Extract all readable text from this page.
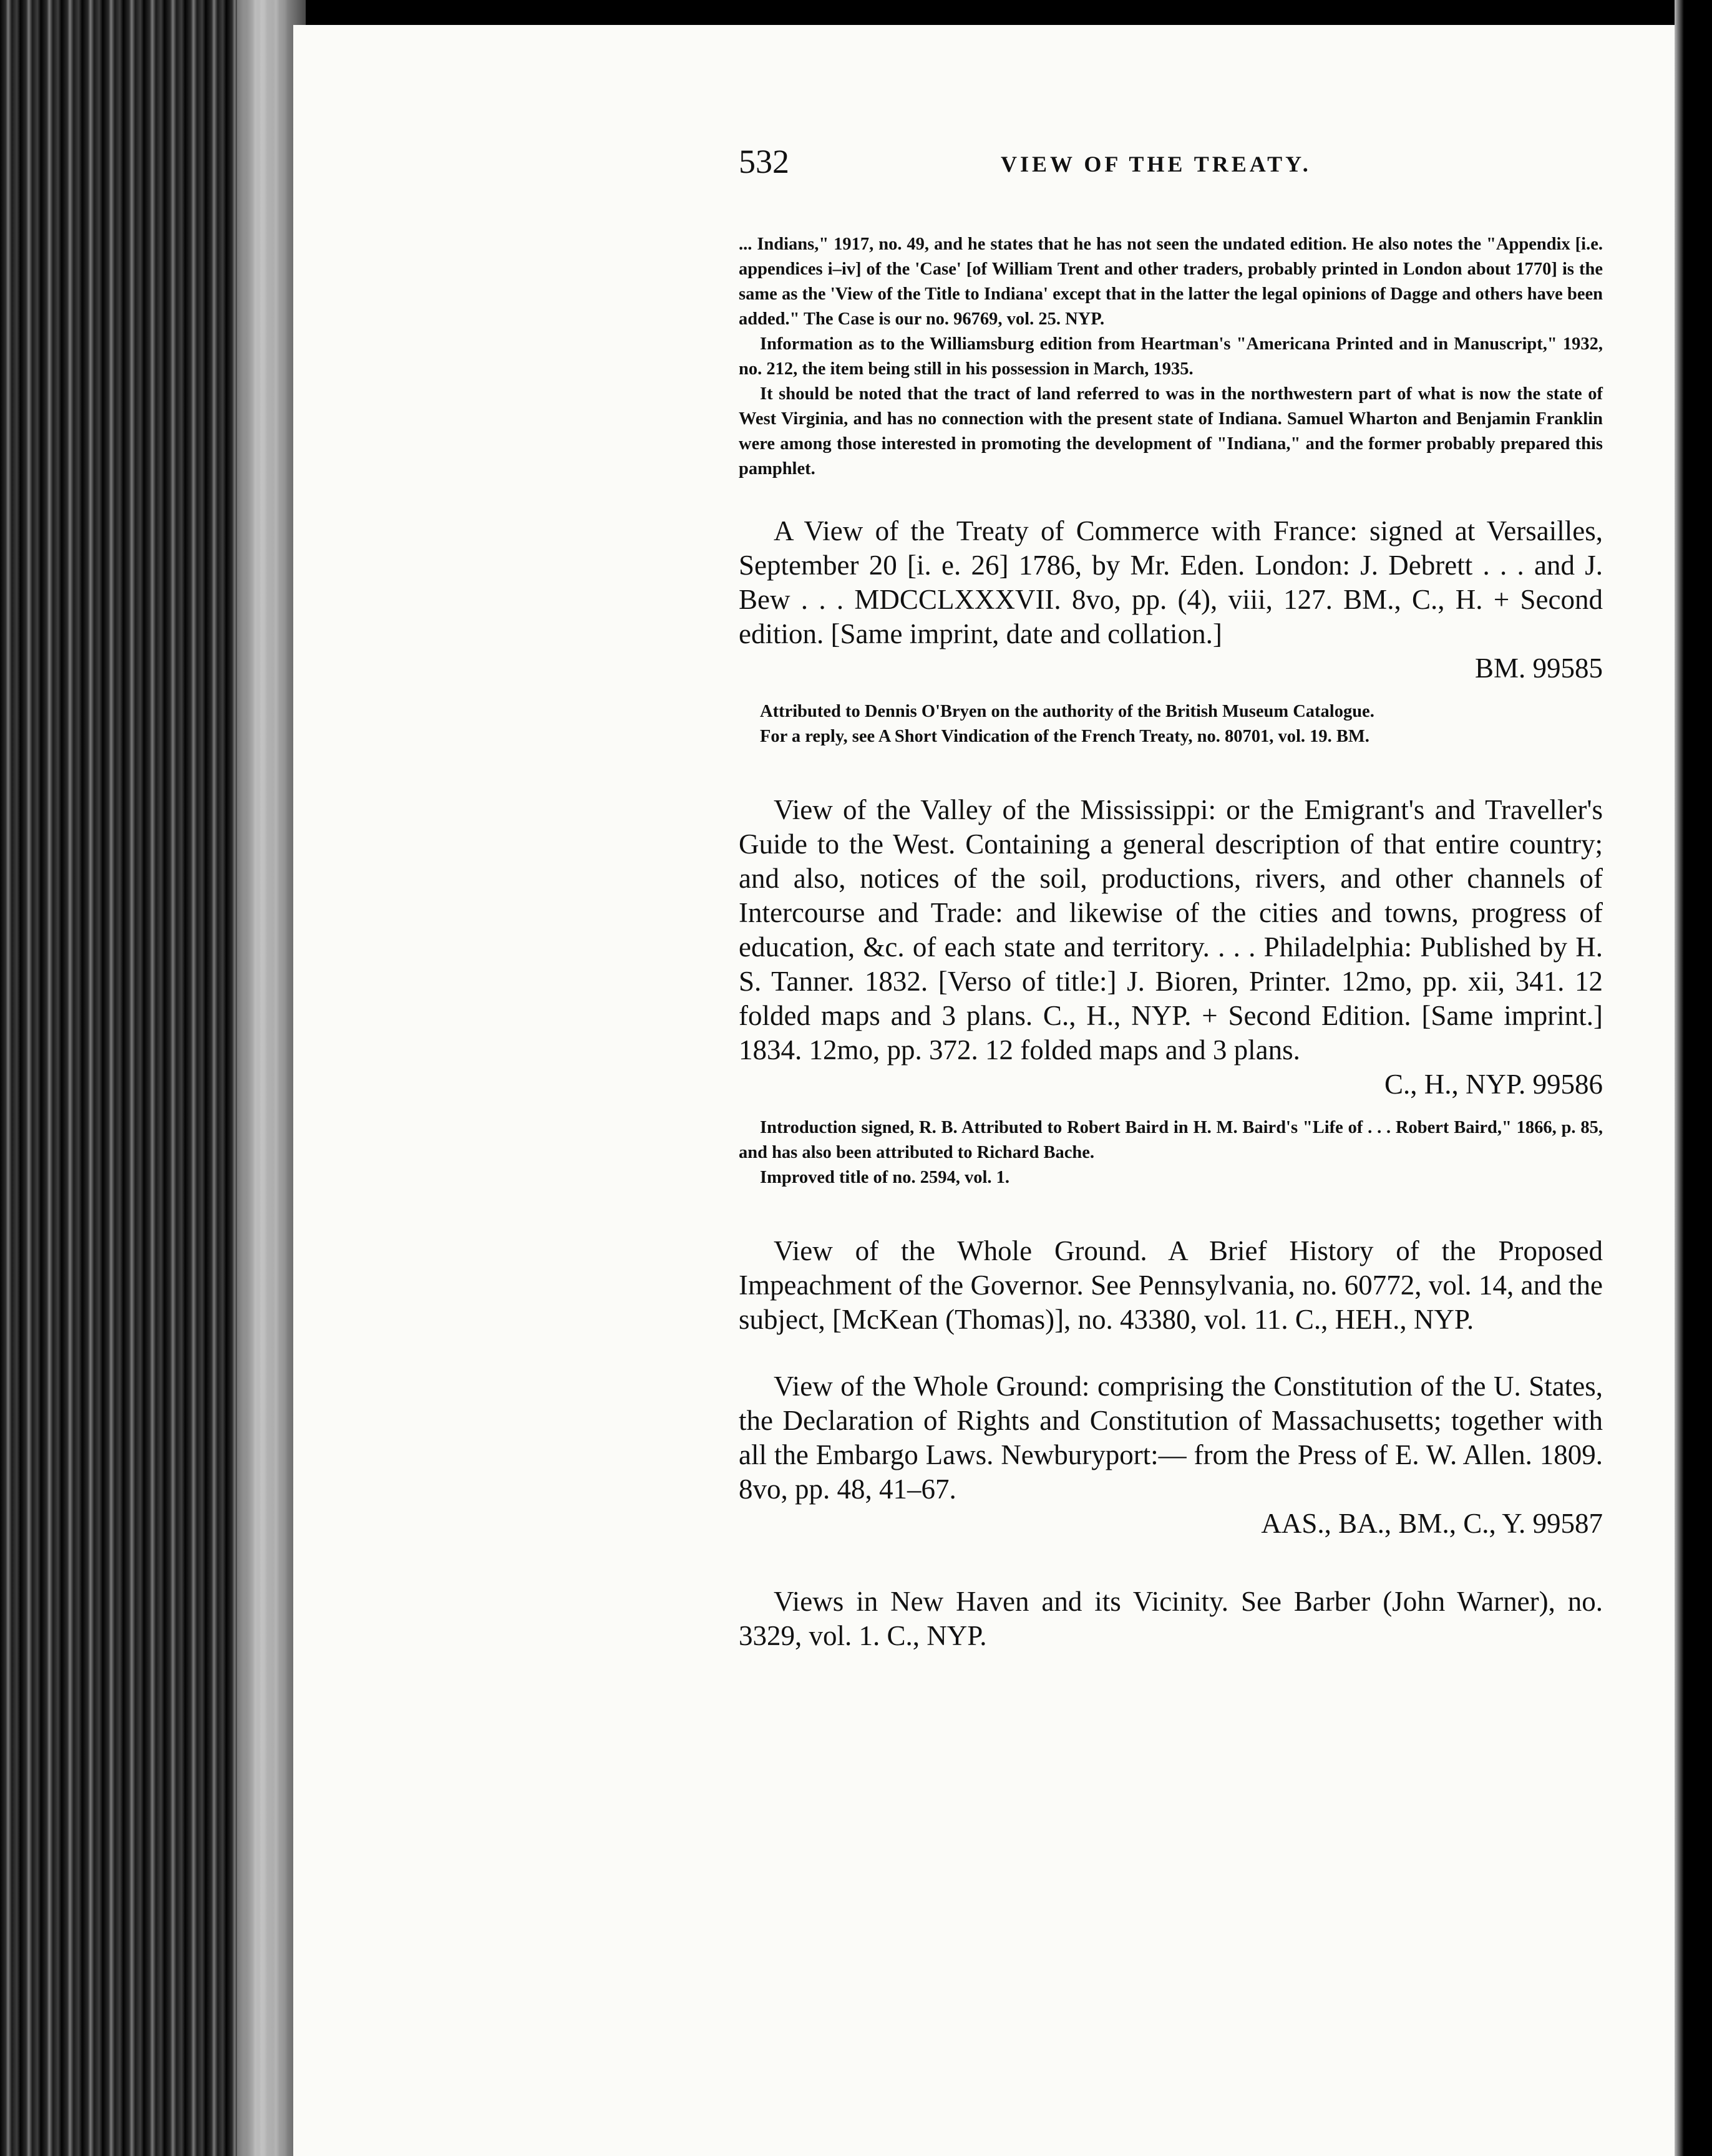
532	VIEW OF THE TREATY.

... Indians," 1917, no. 49, and he states that he has not seen the undated edition. He also notes the "Appendix [i.e. appendices i–iv] of the 'Case' [of William Trent and other traders, probably printed in London about 1770] is the same as the 'View of the Title to Indiana' except that in the latter the legal opinions of Dagge and others have been added." The Case is our no. 96769, vol. 25. NYP.

Information as to the Williamsburg edition from Heartman's "Americana Printed and in Manuscript," 1932, no. 212, the item being still in his possession in March, 1935.

It should be noted that the tract of land referred to was in the northwestern part of what is now the state of West Virginia, and has no connection with the present state of Indiana. Samuel Wharton and Benjamin Franklin were among those interested in promoting the development of "Indiana," and the former probably prepared this pamphlet.

A View of the Treaty of Commerce with France: signed at Versailles, September 20 [i. e. 26] 1786, by Mr. Eden. London: J. Debrett . . . and J. Bew . . . MDCCLXXXVII. 8vo, pp. (4), viii, 127. BM., C., H. + Second edition. [Same imprint, date and collation.]

BM. 99585

Attributed to Dennis O'Bryen on the authority of the British Museum Catalogue.

For a reply, see A Short Vindication of the French Treaty, no. 80701, vol. 19. BM.

View of the Valley of the Mississippi: or the Emigrant's and Traveller's Guide to the West. Containing a general description of that entire country; and also, notices of the soil, productions, rivers, and other channels of Intercourse and Trade: and likewise of the cities and towns, progress of education, &c. of each state and territory. . . . Philadelphia: Published by H. S. Tanner. 1832. [Verso of title:] J. Bioren, Printer. 12mo, pp. xii, 341. 12 folded maps and 3 plans. C., H., NYP. + Second Edition. [Same imprint.] 1834. 12mo, pp. 372. 12 folded maps and 3 plans.

C., H., NYP. 99586

Introduction signed, R. B. Attributed to Robert Baird in H. M. Baird's "Life of . . . Robert Baird," 1866, p. 85, and has also been attributed to Richard Bache.

Improved title of no. 2594, vol. 1.

View of the Whole Ground. A Brief History of the Proposed Impeachment of the Governor. See Pennsylvania, no. 60772, vol. 14, and the subject, [McKean (Thomas)], no. 43380, vol. 11. C., HEH., NYP.

View of the Whole Ground: comprising the Constitution of the U. States, the Declaration of Rights and Constitution of Massachusetts; together with all the Embargo Laws. Newburyport:— from the Press of E. W. Allen. 1809. 8vo, pp. 48, 41–67.

AAS., BA., BM., C., Y. 99587

Views in New Haven and its Vicinity. See Barber (John Warner), no. 3329, vol. 1. C., NYP.
